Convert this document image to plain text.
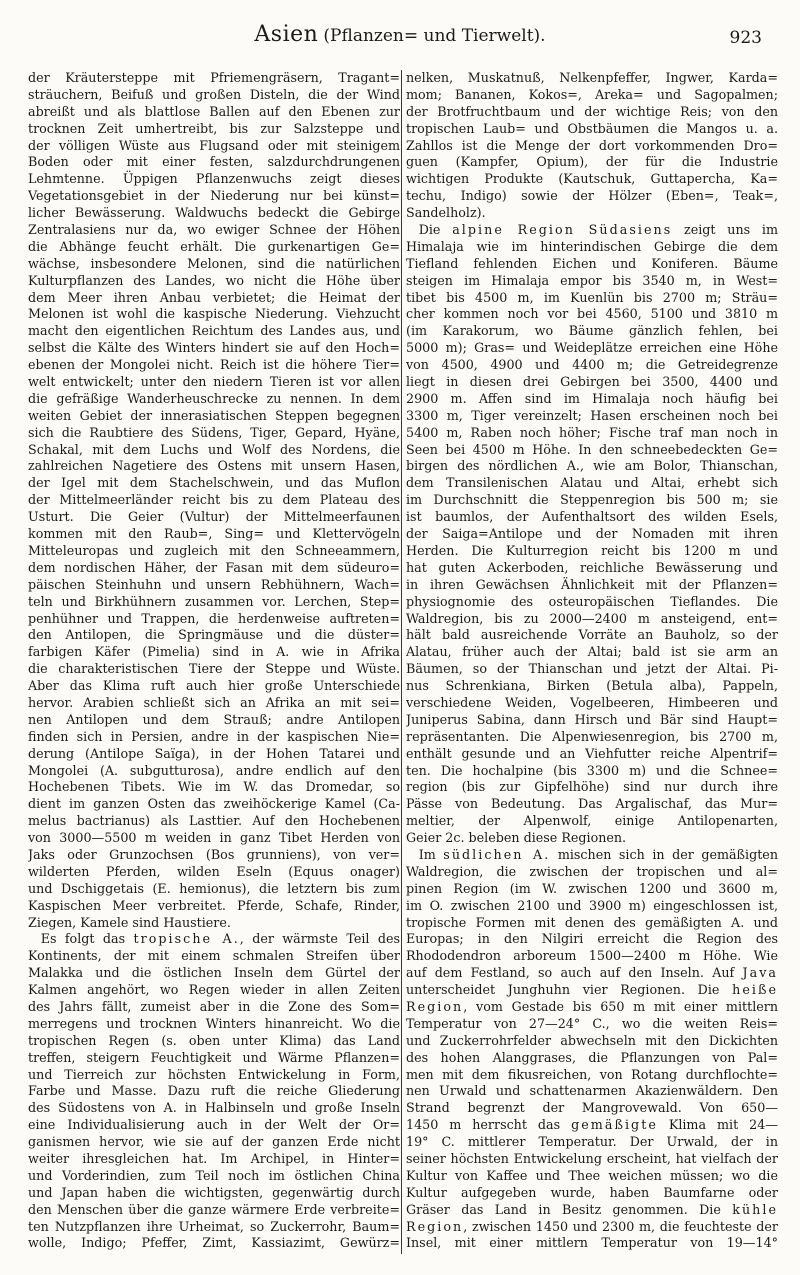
Asien (Pflanzen= und Tierwelt).	923
der Kräutersteppe mit Pfriemengräsern, Tragant=
sträuchern, Beifuß und großen Disteln, die der Wind
abreißt und als blattlose Ballen auf den Ebenen zur
trocknen Zeit umhertreibt, bis zur Salzsteppe und
der völligen Wüste aus Flugsand oder mit steinigem
Boden oder mit einer festen, salzdurchdrungenen
Lehmtenne. Üppigen Pflanzenwuchs zeigt dieses
Vegetationsgebiet in der Niederung nur bei künst=
licher Bewässerung. Waldwuchs bedeckt die Gebirge
Zentralasiens nur da, wo ewiger Schnee der Höhen
die Abhänge feucht erhält. Die gurkenartigen Ge=
wächse, insbesondere Melonen, sind die natürlichen
Kulturpflanzen des Landes, wo nicht die Höhe über
dem Meer ihren Anbau verbietet; die Heimat der
Melonen ist wohl die kaspische Niederung. Viehzucht
macht den eigentlichen Reichtum des Landes aus, und
selbst die Kälte des Winters hindert sie auf den Hoch=
ebenen der Mongolei nicht. Reich ist die höhere Tier=
welt entwickelt; unter den niedern Tieren ist vor allen
die gefräßige Wanderheuschrecke zu nennen. In dem
weiten Gebiet der innerasiatischen Steppen begegnen
sich die Raubtiere des Südens, Tiger, Gepard, Hyäne,
Schakal, mit dem Luchs und Wolf des Nordens, die
zahlreichen Nagetiere des Ostens mit unsern Hasen,
der Igel mit dem Stachelschwein, und das Muflon
der Mittelmeerländer reicht bis zu dem Plateau des
Usturt. Die Geier (Vultur) der Mittelmeerfaunen
kommen mit den Raub=, Sing= und Klettervögeln
Mitteleuropas und zugleich mit den Schneeammern,
dem nordischen Häher, der Fasan mit dem südeuro=
päischen Steinhuhn und unsern Rebhühnern, Wach=
teln und Birkhühnern zusammen vor. Lerchen, Step=
penhühner und Trappen, die herdenweise auftreten=
den Antilopen, die Springmäuse und die düster=
farbigen Käfer (Pimelia) sind in A. wie in Afrika
die charakteristischen Tiere der Steppe und Wüste.
Aber das Klima ruft auch hier große Unterschiede
hervor. Arabien schließt sich an Afrika an mit sei=
nen Antilopen und dem Strauß; andre Antilopen
finden sich in Persien, andre in der kaspischen Nie=
derung (Antilope Saïga), in der Hohen Tatarei und
Mongolei (A. subgutturosa), andre endlich auf den
Hochebenen Tibets. Wie im W. das Dromedar, so
dient im ganzen Osten das zweihöckerige Kamel (Ca-
melus bactrianus) als Lasttier. Auf den Hochebenen
von 3000—5500 m weiden in ganz Tibet Herden von
Jaks oder Grunzochsen (Bos grunniens), von ver=
wilderten Pferden, wilden Eseln (Equus onager)
und Dschiggetais (E. hemionus), die letztern bis zum
Kaspischen Meer verbreitet. Pferde, Schafe, Rinder,
Ziegen, Kamele sind Haustiere.
 Es folgt das tropische A., der wärmste Teil des
Kontinents, der mit einem schmalen Streifen über
Malakka und die östlichen Inseln dem Gürtel der
Kalmen angehört, wo Regen wieder in allen Zeiten
des Jahrs fällt, zumeist aber in die Zone des Som=
merregens und trocknen Winters hinanreicht. Wo die
tropischen Regen (s. oben unter Klima) das Land
treffen, steigern Feuchtigkeit und Wärme Pflanzen=
und Tierreich zur höchsten Entwickelung in Form,
Farbe und Masse. Dazu ruft die reiche Gliederung
des Südostens von A. in Halbinseln und große Inseln
eine Individualisierung auch in der Welt der Or=
ganismen hervor, wie sie auf der ganzen Erde nicht
weiter ihresgleichen hat. Im Archipel, in Hinter=
und Vorderindien, zum Teil noch im östlichen China
und Japan haben die wichtigsten, gegenwärtig durch
den Menschen über die ganze wärmere Erde verbreite=
ten Nutzpflanzen ihre Urheimat, so Zuckerrohr, Baum=
wolle, Indigo; Pfeffer, Zimt, Kassiazimt, Gewürz=
nelken, Muskatnuß, Nelkenpfeffer, Ingwer, Karda=
mom; Bananen, Kokos=, Areka= und Sagopalmen;
der Brotfruchtbaum und der wichtige Reis; von den
tropischen Laub= und Obstbäumen die Mangos u. a.
Zahllos ist die Menge der dort vorkommenden Dro=
guen (Kampfer, Opium), der für die Industrie
wichtigen Produkte (Kautschuk, Guttapercha, Ka=
techu, Indigo) sowie der Hölzer (Eben=, Teak=,
Sandelholz).
 Die alpine Region Südasiens zeigt uns im
Himalaja wie im hinterindischen Gebirge die dem
Tiefland fehlenden Eichen und Koniferen. Bäume
steigen im Himalaja empor bis 3540 m, in West=
tibet bis 4500 m, im Kuenlün bis 2700 m; Sträu=
cher kommen noch vor bei 4560, 5100 und 3810 m
(im Karakorum, wo Bäume gänzlich fehlen, bei
5000 m); Gras= und Weideplätze erreichen eine Höhe
von 4500, 4900 und 4400 m; die Getreidegrenze
liegt in diesen drei Gebirgen bei 3500, 4400 und
2900 m. Affen sind im Himalaja noch häufig bei
3300 m, Tiger vereinzelt; Hasen erscheinen noch bei
5400 m, Raben noch höher; Fische traf man noch in
Seen bei 4500 m Höhe. In den schneebedeckten Ge=
birgen des nördlichen A., wie am Bolor, Thianschan,
dem Transilenischen Alatau und Altai, erhebt sich
im Durchschnitt die Steppenregion bis 500 m; sie
ist baumlos, der Aufenthaltsort des wilden Esels,
der Saiga=Antilope und der Nomaden mit ihren
Herden. Die Kulturregion reicht bis 1200 m und
hat guten Ackerboden, reichliche Bewässerung und
in ihren Gewächsen Ähnlichkeit mit der Pflanzen=
physiognomie des osteuropäischen Tieflandes. Die
Waldregion, bis zu 2000—2400 m ansteigend, ent=
hält bald ausreichende Vorräte an Bauholz, so der
Alatau, früher auch der Altai; bald ist sie arm an
Bäumen, so der Thianschan und jetzt der Altai. Pi-
nus Schrenkiana, Birken (Betula alba), Pappeln,
verschiedene Weiden, Vogelbeeren, Himbeeren und
Juniperus Sabina, dann Hirsch und Bär sind Haupt=
repräsentanten. Die Alpenwiesenregion, bis 2700 m,
enthält gesunde und an Viehfutter reiche Alpentrif=
ten. Die hochalpine (bis 3300 m) und die Schnee=
region (bis zur Gipfelhöhe) sind nur durch ihre
Pässe von Bedeutung. Das Argalischaf, das Mur=
meltier, der Alpenwolf, einige Antilopenarten,
Geier 2c. beleben diese Regionen.
 Im südlichen A. mischen sich in der gemäßigten
Waldregion, die zwischen der tropischen und al=
pinen Region (im W. zwischen 1200 und 3600 m,
im O. zwischen 2100 und 3900 m) eingeschlossen ist,
tropische Formen mit denen des gemäßigten A. und
Europas; in den Nilgiri erreicht die Region des
Rhododendron arboreum 1500—2400 m Höhe. Wie
auf dem Festland, so auch auf den Inseln. Auf Java
unterscheidet Junghuhn vier Regionen. Die heiße
Region, vom Gestade bis 650 m mit einer mittlern
Temperatur von 27—24° C., wo die weiten Reis=
und Zuckerrohrfelder abwechseln mit den Dickichten
des hohen Alanggrases, die Pflanzungen von Pal=
men mit dem fikusreichen, von Rotang durchflochte=
nen Urwald und schattenarmen Akazienwäldern. Den
Strand begrenzt der Mangrovewald. Von 650—
1450 m herrscht das gemäßigte Klima mit 24—
19° C. mittlerer Temperatur. Der Urwald, der in
seiner höchsten Entwickelung erscheint, hat vielfach der
Kultur von Kaffee und Thee weichen müssen; wo die
Kultur aufgegeben wurde, haben Baumfarne oder
Gräser das Land in Besitz genommen. Die kühle
Region, zwischen 1450 und 2300 m, die feuchteste der
Insel, mit einer mittlern Temperatur von 19—14°
